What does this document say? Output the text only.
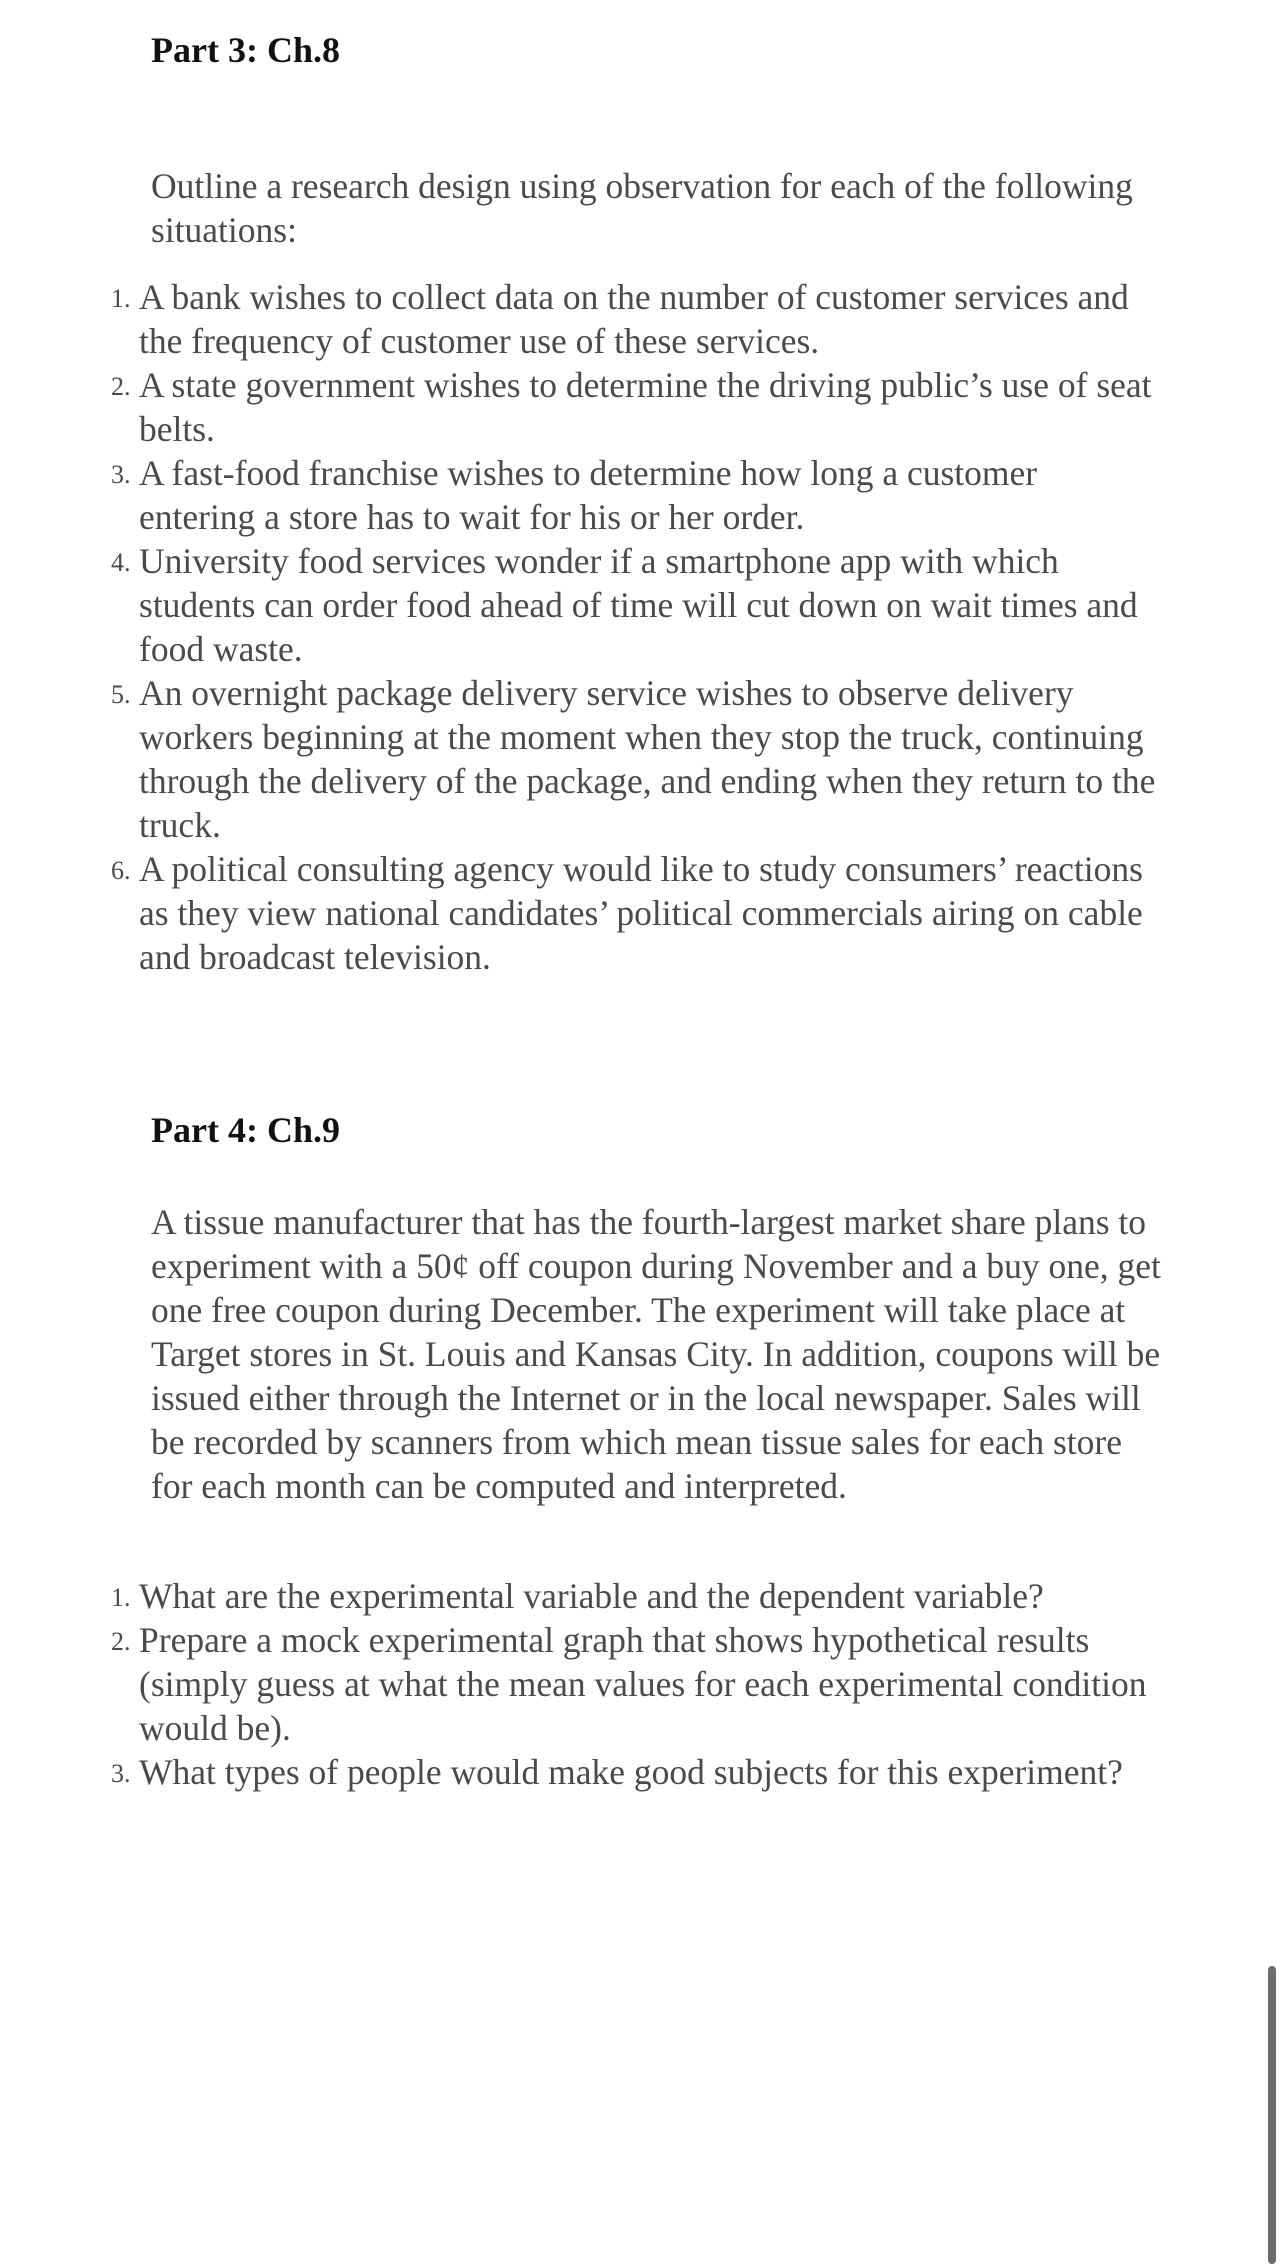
Part 3: Ch.8

Outline a research design using observation for each of the following situations:

1. A bank wishes to collect data on the number of customer services and the frequency of customer use of these services.
2. A state government wishes to determine the driving public’s use of seat belts.
3. A fast-food franchise wishes to determine how long a customer entering a store has to wait for his or her order.
4. University food services wonder if a smartphone app with which students can order food ahead of time will cut down on wait times and food waste.
5. An overnight package delivery service wishes to observe delivery workers beginning at the moment when they stop the truck, continuing through the delivery of the package, and ending when they return to the truck.
6. A political consulting agency would like to study consumers’ reactions as they view national candidates’ political commercials airing on cable and broadcast television.
Part 4: Ch.9

A tissue manufacturer that has the fourth-largest market share plans to experiment with a 50¢ off coupon during November and a buy one, get one free coupon during December. The experiment will take place at Target stores in St. Louis and Kansas City. In addition, coupons will be issued either through the Internet or in the local newspaper. Sales will be recorded by scanners from which mean tissue sales for each store for each month can be computed and interpreted.

1. What are the experimental variable and the dependent variable?
2. Prepare a mock experimental graph that shows hypothetical results (simply guess at what the mean values for each experimental condition would be).
3. What types of people would make good subjects for this experiment?
